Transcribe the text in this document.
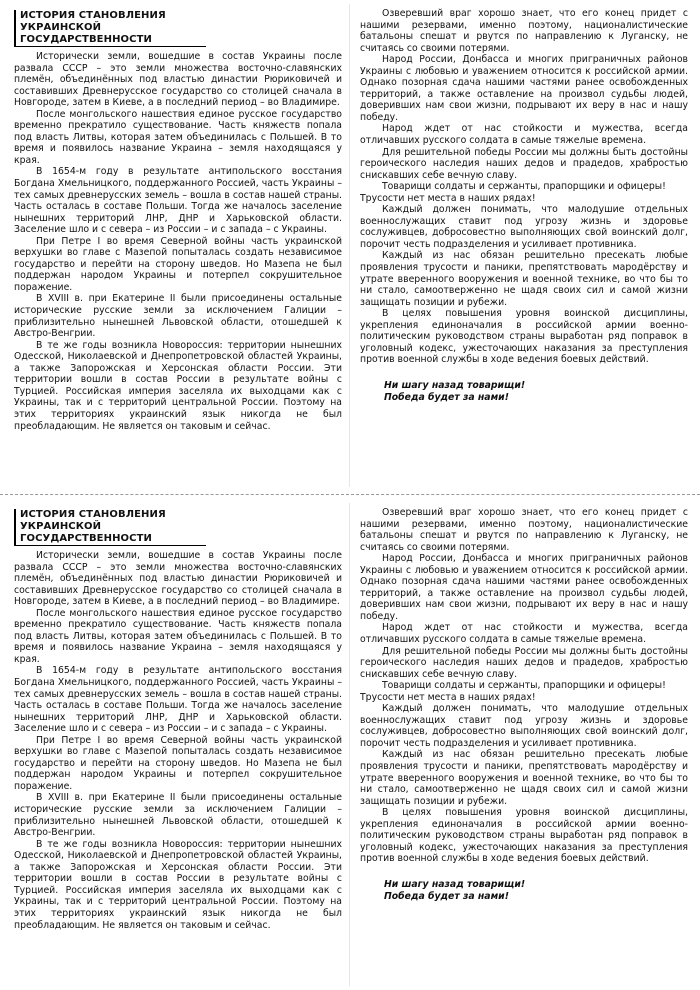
ИСТОРИЯ СТАНОВЛЕНИЯ
УКРАИНСКОЙ ГОСУДАРСТВЕННОСТИ

Исторически земли, вошедшие в состав Украины после развала СССР – это земли множества восточно-славянских племён, объединённых под властью династии Рюриковичей и составивших Древнерусское государство со столицей сначала в Новгороде, затем в Киеве, а в последний период – во Владимире.

После монгольского нашествия единое русское государство временно прекратило существование. Часть княжеств попала под власть Литвы, которая затем объединилась с Польшей. В то время и появилось название Украина – земля находящаяся у края.

В 1654-м году в результате антипольского восстания Богдана Хмельницкого, поддержанного Россией, часть Украины – тех самых древнерусских земель – вошла в состав нашей страны. Часть осталась в составе Польши. Тогда же началось заселение нынешних территорий ЛНР, ДНР и Харьковской области. Заселение шло и с севера – из России – и с запада – с Украины.

При Петре I во время Северной войны часть украинской верхушки во главе с Мазепой попыталась создать независимое государство и перейти на сторону шведов. Но Мазепа не был поддержан народом Украины и потерпел сокрушительное поражение.

В XVIII в. при Екатерине II были присоединены остальные исторические русские земли за исключением Галиции – приблизительно нынешней Львовской области, отошедшей к Австро-Венгрии.

В те же годы возникла Новороссия: территории нынешних Одесской, Николаевской и Днепропетровской областей Украины, а также Запорожская и Херсонская области России. Эти территории вошли в состав России в результате войны с Турцией. Российская империя заселяла их выходцами как с Украины, так и с территорий центральной России. Поэтому на этих территориях украинский язык никогда не был преобладающим. Не является он таковым и сейчас.

Озверевший враг хорошо знает, что его конец придет с нашими резервами, именно поэтому, националистические батальоны спешат и рвутся по направлению к Луганску, не считаясь со своими потерями.

Народ России, Донбасса и многих приграничных районов Украины с любовью и уважением относится к российской армии. Однако позорная сдача нашими частями ранее освобожденных территорий, а также оставление на произвол судьбы людей, доверивших нам свои жизни, подрывают их веру в нас и нашу победу.

Народ ждет от нас стойкости и мужества, всегда отличавших русского солдата в самые тяжелые времена.

Для решительной победы России мы должны быть достойны героического наследия наших дедов и прадедов, храбростью снискавших себе вечную славу.

Товарищи солдаты и сержанты, прапорщики и офицеры!

Трусости нет места в наших рядах!

Каждый должен понимать, что малодушие отдельных военнослужащих ставит под угрозу жизнь и здоровье сослуживцев, добросовестно выполняющих свой воинский долг, порочит честь подразделения и усиливает противника.

Каждый из нас обязан решительно пресекать любые проявления трусости и паники, препятствовать мародёрству и утрате вверенного вооружения и военной технике, во что бы то ни стало, самоотверженно не щадя своих сил и самой жизни защищать позиции и рубежи.

В целях повышения уровня воинской дисциплины, укрепления единоначалия в российской армии военно-политическим руководством страны выработан ряд поправок в уголовный кодекс, ужесточающих наказания за преступления против военной службы в ходе ведения боевых действий.

Ни шагу назад товарищи!
Победа будет за нами!
ИСТОРИЯ СТАНОВЛЕНИЯ
УКРАИНСКОЙ ГОСУДАРСТВЕННОСТИ

Исторически земли, вошедшие в состав Украины после развала СССР – это земли множества восточно-славянских племён, объединённых под властью династии Рюриковичей и составивших Древнерусское государство со столицей сначала в Новгороде, затем в Киеве, а в последний период – во Владимире.

После монгольского нашествия единое русское государство временно прекратило существование. Часть княжеств попала под власть Литвы, которая затем объединилась с Польшей. В то время и появилось название Украина – земля находящаяся у края.

В 1654-м году в результате антипольского восстания Богдана Хмельницкого, поддержанного Россией, часть Украины – тех самых древнерусских земель – вошла в состав нашей страны. Часть осталась в составе Польши. Тогда же началось заселение нынешних территорий ЛНР, ДНР и Харьковской области. Заселение шло и с севера – из России – и с запада – с Украины.

При Петре I во время Северной войны часть украинской верхушки во главе с Мазепой попыталась создать независимое государство и перейти на сторону шведов. Но Мазепа не был поддержан народом Украины и потерпел сокрушительное поражение.

В XVIII в. при Екатерине II были присоединены остальные исторические русские земли за исключением Галиции – приблизительно нынешней Львовской области, отошедшей к Австро-Венгрии.

В те же годы возникла Новороссия: территории нынешних Одесской, Николаевской и Днепропетровской областей Украины, а также Запорожская и Херсонская области России. Эти территории вошли в состав России в результате войны с Турцией. Российская империя заселяла их выходцами как с Украины, так и с территорий центральной России. Поэтому на этих территориях украинский язык никогда не был преобладающим. Не является он таковым и сейчас.

Озверевший враг хорошо знает, что его конец придет с нашими резервами, именно поэтому, националистические батальоны спешат и рвутся по направлению к Луганску, не считаясь со своими потерями.

Народ России, Донбасса и многих приграничных районов Украины с любовью и уважением относится к российской армии. Однако позорная сдача нашими частями ранее освобожденных территорий, а также оставление на произвол судьбы людей, доверивших нам свои жизни, подрывают их веру в нас и нашу победу.

Народ ждет от нас стойкости и мужества, всегда отличавших русского солдата в самые тяжелые времена.

Для решительной победы России мы должны быть достойны героического наследия наших дедов и прадедов, храбростью снискавших себе вечную славу.

Товарищи солдаты и сержанты, прапорщики и офицеры!

Трусости нет места в наших рядах!

Каждый должен понимать, что малодушие отдельных военнослужащих ставит под угрозу жизнь и здоровье сослуживцев, добросовестно выполняющих свой воинский долг, порочит честь подразделения и усиливает противника.

Каждый из нас обязан решительно пресекать любые проявления трусости и паники, препятствовать мародёрству и утрате вверенного вооружения и военной технике, во что бы то ни стало, самоотверженно не щадя своих сил и самой жизни защищать позиции и рубежи.

В целях повышения уровня воинской дисциплины, укрепления единоначалия в российской армии военно-политическим руководством страны выработан ряд поправок в уголовный кодекс, ужесточающих наказания за преступления против военной службы в ходе ведения боевых действий.

Ни шагу назад товарищи!
Победа будет за нами!
